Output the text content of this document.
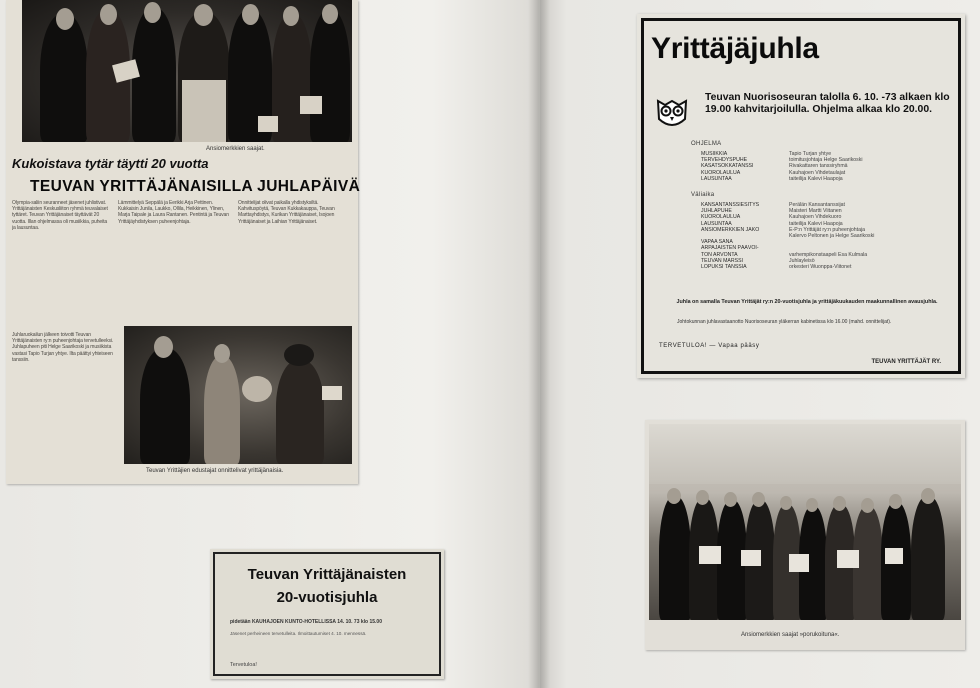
Ansiomerkkien saajat.
Kukoistava tytär täytti 20 vuotta
TEUVAN YRITTÄJÄNAISILLA JUHLAPÄIVÄ
Olympia-saliin seuranneet jäsenet juhlistivat. Yrittäjänaisten Keskusliiton ryhmä teuvalaiset tyttäret. Teuvan Yrittäjänaiset täyttävät 20 vuotta. Illan ohjelmassa oli musiikkia, puheita ja lausuntaa.
Lämmittelyä Seppälä ja Eerikki Arja Pettinen. Kukkaisin Junila, Laukko, Ollila, Heikkinen, Ylinen, Marja Taipale ja Laura Rantanen. Pentintä ja Teuvan Yrittäjäyhdistyksen puheenjohtaja.
Onnittelijat olivat paikalla yhdistyksiltä. Kahvituspöytä, Teuvan Kukkakauppa, Teuvan Marttayhdistys, Kurikan Yrittäjänaiset, Isojoen Yrittäjänaiset ja Laihian Yrittäjänaiset.
Juhlaruokailun jälkeen toivotti Teuvan Yrittäjänaisten ry:n puheenjohtaja tervetulleeksi. Juhlapuheen piti Helge Saarikoski ja musiikista vastasi Tapio Turjan yhtye. Ilta päättyi yhteiseen tanssiin.
Teuvan Yrittäjien edustajat onnittelivat yrittäjänaisia.
Teuvan Yrittäjänaisten
20-vuotisjuhla
pidetään KAUHAJOEN KUNTO-HOTELLISSA 14. 10. 73 klo 15.00
Jäsenet perheineen tervetulleita. Ilmoittautumiset 4. 10. mennessä.
Tervetuloa!
Yrittäjäjuhla
Teuvan Nuorisoseuran talolla 6. 10. -73 alkaen klo 19.00 kahvitarjoilulla. Ohjelma alkaa klo 20.00.
OHJELMA
MUSIIKKIA	Tapio Turjan yhtye
TERVEHDYSPUHE	toimitusjohtaja Helge Saarikoski
KASATSOKKATANSSI	Rivakattaren tanssiryhmä
KUOROLAULUA	Kauhajoen Vihdetaulajat
LAUSUNTAA	taiteilija Kalevi Haapoja
Väliaika
KANSANTANSSIESITYS	Perälän Kansantanssijat
JUHLAPUHE	Maisteri Martti Viitanen
KUOROLAULUA	Kauhajoen Vihdekuoro
LAUSUNTAA	taiteilija Kalevi Haapoja
ANSIOMERKKIEN JAKO	E-P:n Yrittäjät ry:n puheenjohtaja
Kalervo Peltonen ja Helge Saarikoski
VAPAA SANA
ARPAJAISTEN PÄÄVOI-
TON ARVONTA	varhempikonstaapeli Esa Kulmala
TEUVAN MARSSI	Juhlayleisö
LOPUKSI TANSSIA	orkesteri Wuonppa-Viitonet
Juhla on samalla Teuvan Yrittäjät ry:n 20-vuotisjuhla ja yrittäjäkuukauden maakunnallinen avausjuhla.
Johtokunnan juhlavastaanotto Nuorisoseuran yläkerran kabinetissa klo 16.00 (mahd. onnittelijat).
TERVETULOA! — Vapaa pääsy
TEUVAN YRITTÄJÄT RY.
Ansiomerkkien saajat »porukoituna«.
